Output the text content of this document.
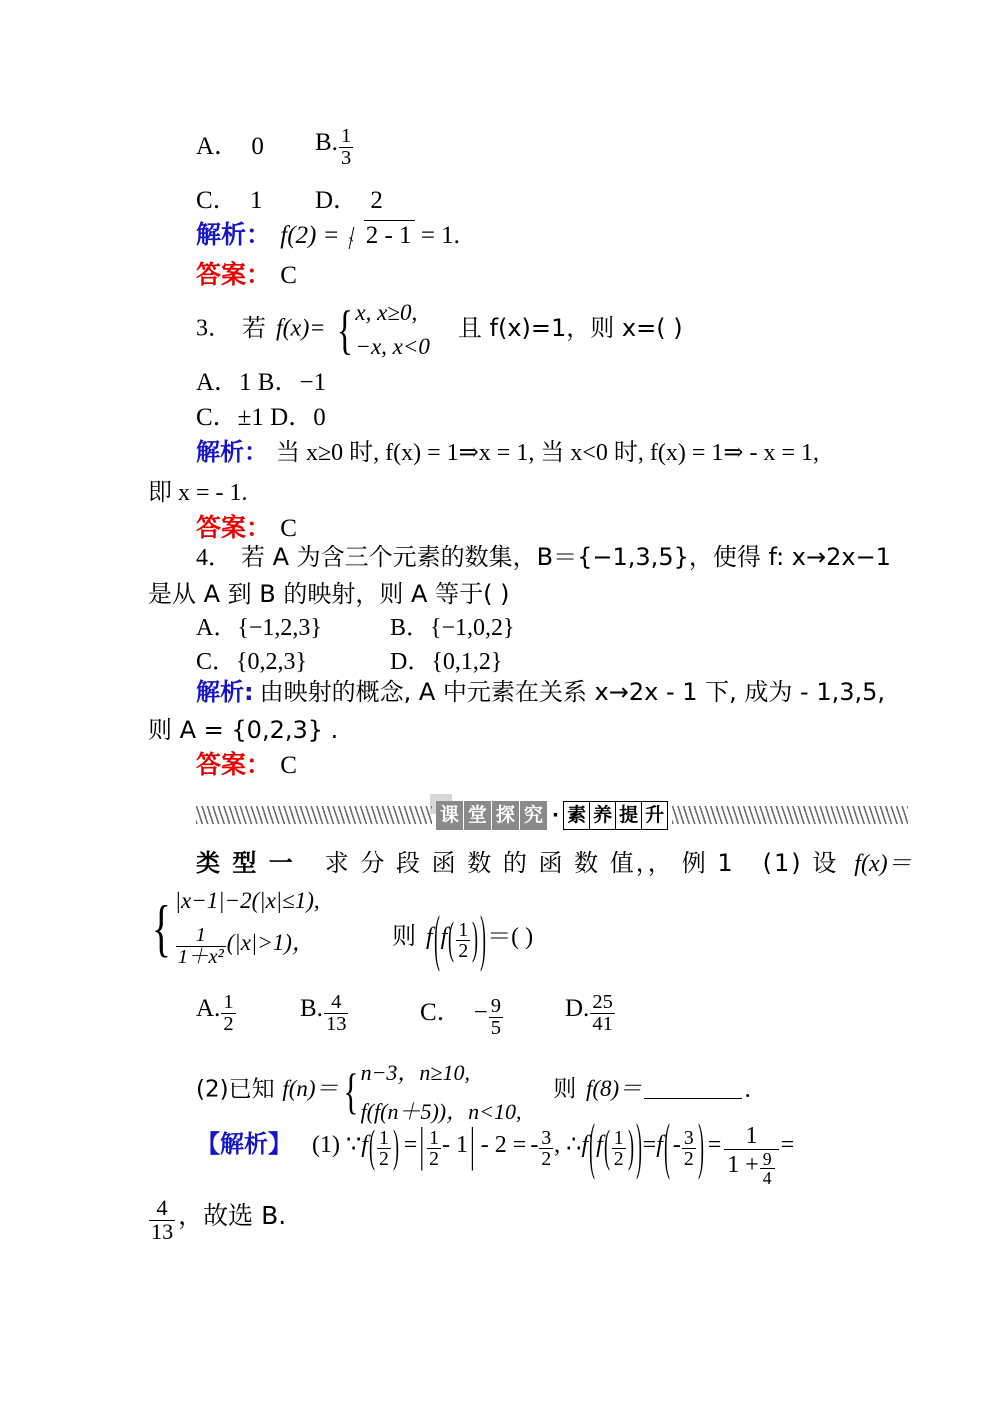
A． 0 B. $\frac{1}{3}$
C． 1 D． 2
解析： f(2) = 2 - 1 = 1.
答案： C
3． 若 f(x)= { x, x≥0,
−x, x<0
且 f(x)=1，则 x=( )
A．1 B．−1
C．±1 D．0
解析： 当 x≥0 时, f(x) = 1⇒x = 1, 当 x<0 时, f(x) = 1⇒ - x = 1,
即 x = - 1.
答案： C
4． 若 A 为含三个元素的数集，B＝{−1,3,5}，使得 f: x→2x−1
是从 A 到 B 的映射，则 A 等于( )
A．{−1,2,3}	B．{−1,0,2}
C．{0,2,3}	D．{0,1,2}
解析: 由映射的概念, A 中元素在关系 x→2x - 1 下, 成为 - 1,3,5,
则 A = {0,2,3} .
答案： C
课 堂 探 究 · 素 养 提 升
类 型 一 求 分 段 函 数 的 函 数 值，， 例 1 (1) 设 f(x)＝
{ |x−1|−2(|x|≤1),
$\frac{1}{\text{1＋x²}} (|x|>1)$，	则 $f(f( \frac{1}{2}$ ))＝( )
A. $\frac{1}{2}$	B. $\frac{4}{13}$	C． − $\frac{9}{5} D$. $\frac{25}{41}$
(2)已知 f(n)＝ { n−3，n≥10,
f(f(n＋5))，n<10,
则 f(8)＝	．
【解析】 (1) ∵f( $\frac{1}{2}$ ) =| $\frac{1}{2} - 1| - 2$ = - $\frac{3}{2}$ , ∴f(f( $\frac{1}{2} ))=f( - \frac{3}{2}$ ) = $\frac{1}{1 + \frac{9}{4}}$ =
$\frac{4}{13}$ ，故选 B.
